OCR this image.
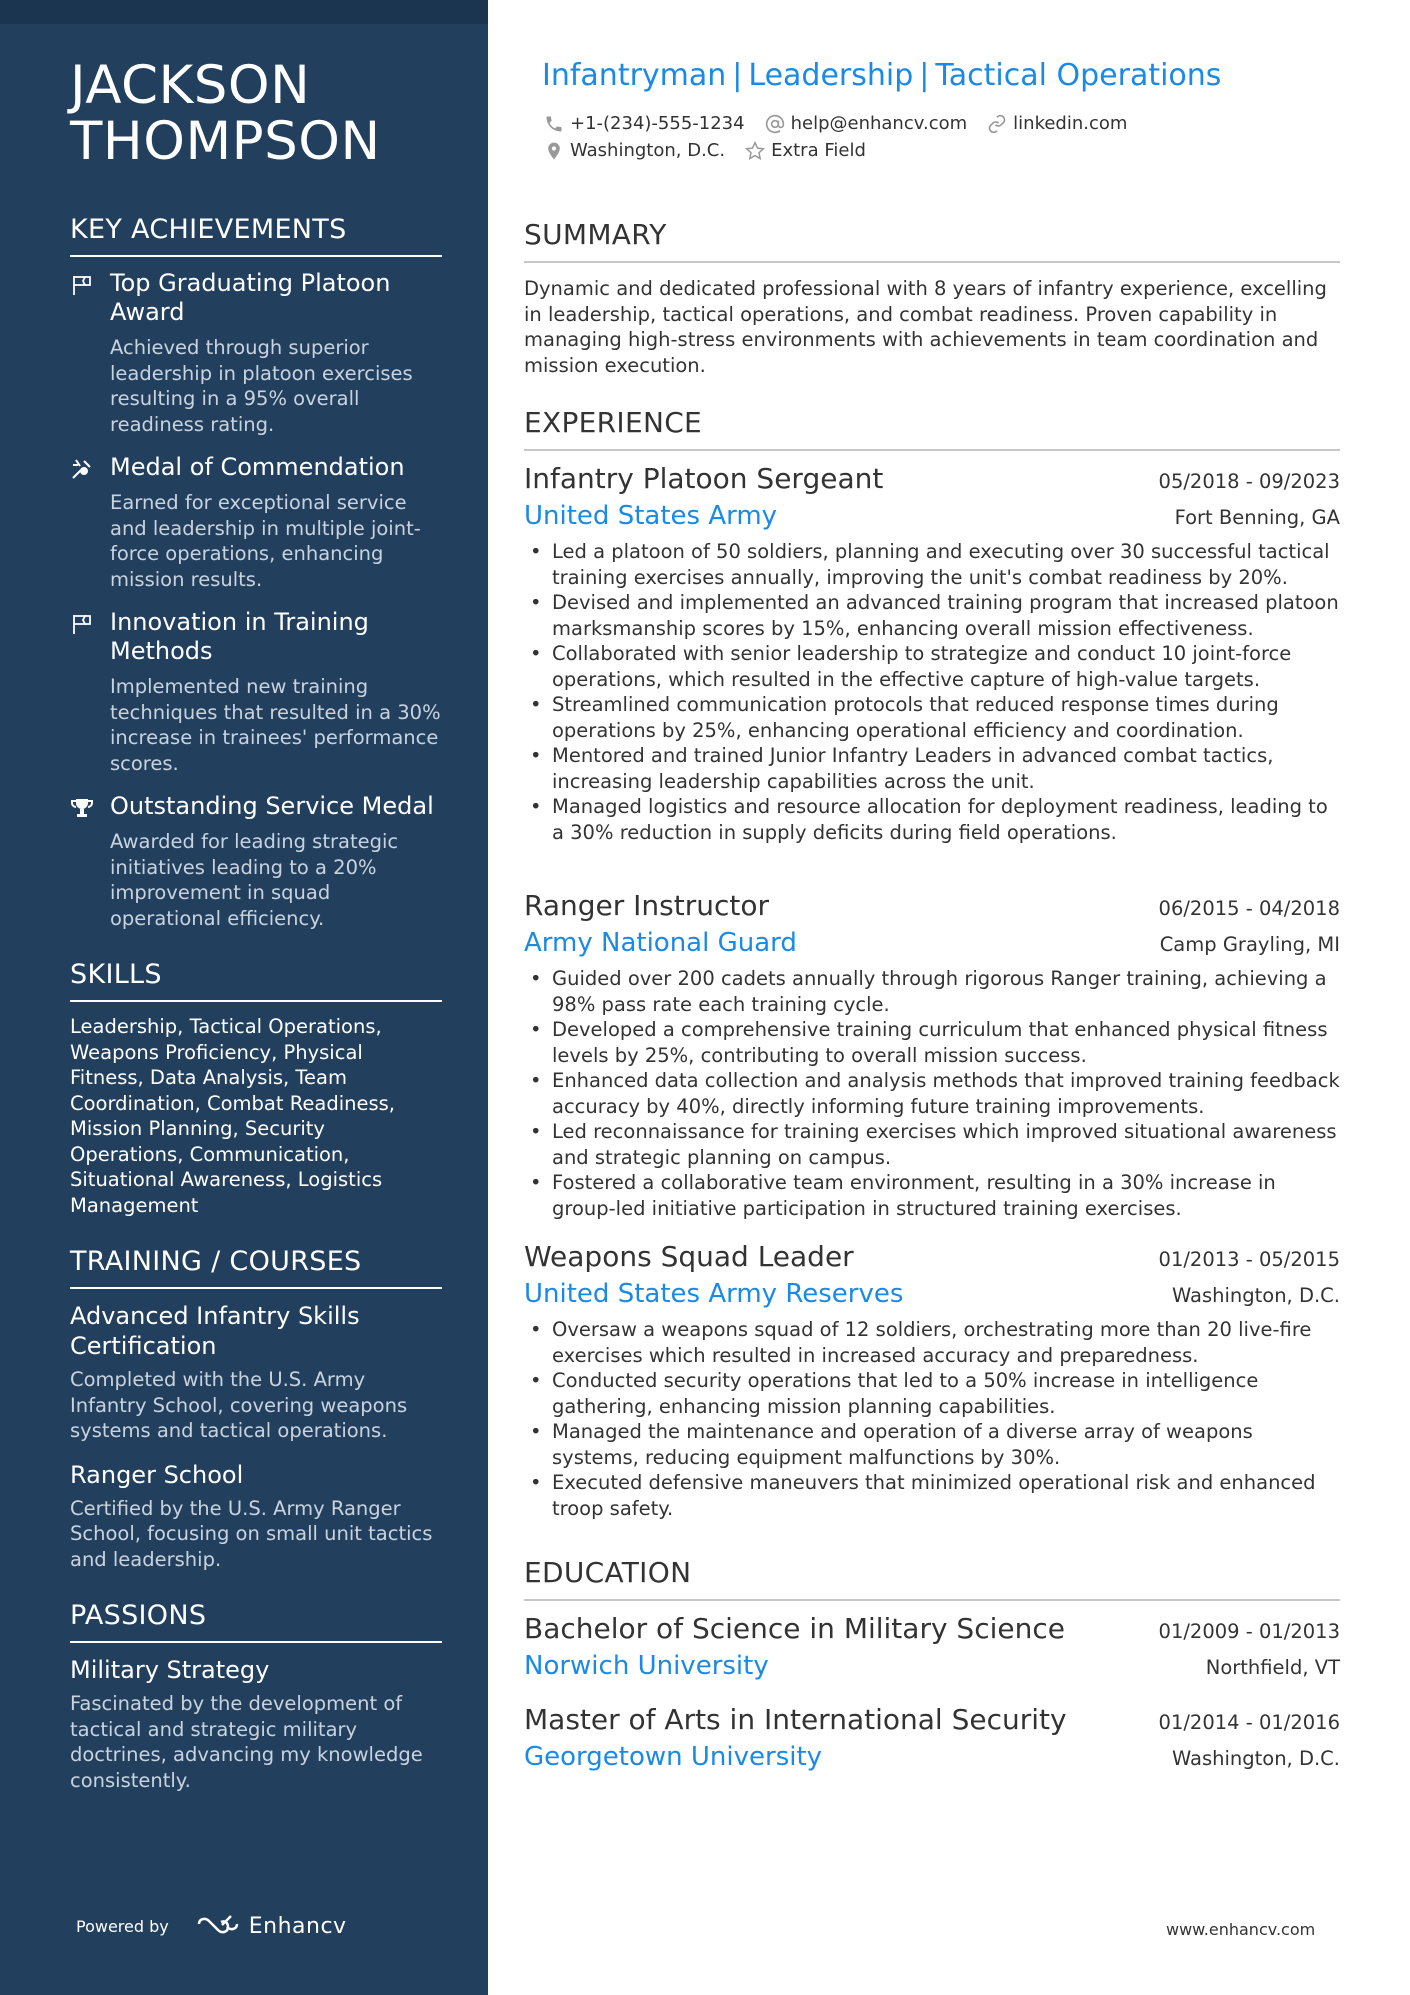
JACKSON
THOMPSON
KEY ACHIEVEMENTS
Top Graduating Platoon Award
Achieved through superior leadership in platoon exercises resulting in a 95% overall readiness rating.
Medal of Commendation
Earned for exceptional service and leadership in multiple joint-force operations, enhancing mission results.
Innovation in Training Methods
Implemented new training techniques that resulted in a 30% increase in trainees' performance scores.
Outstanding Service Medal
Awarded for leading strategic initiatives leading to a 20% improvement in squad operational efficiency.
SKILLS
Leadership, Tactical Operations, Weapons Proficiency, Physical Fitness, Data Analysis, Team Coordination, Combat Readiness, Mission Planning, Security Operations, Communication, Situational Awareness, Logistics Management
TRAINING / COURSES
Advanced Infantry Skills Certification
Completed with the U.S. Army Infantry School, covering weapons systems and tactical operations.
Ranger School
Certified by the U.S. Army Ranger School, focusing on small unit tactics and leadership.
PASSIONS
Military Strategy
Fascinated by the development of tactical and strategic military doctrines, advancing my knowledge consistently.
Powered by	Enhancv
Infantryman | Leadership | Tactical Operations
+1-(234)-555-1234	help@enhancv.com	linkedin.com
Washington, D.C.	Extra Field
SUMMARY
Dynamic and dedicated professional with 8 years of infantry experience, excelling in leadership, tactical operations, and combat readiness. Proven capability in managing high-stress environments with achievements in team coordination and mission execution.
EXPERIENCE
Infantry Platoon Sergeant	05/2018 - 09/2023
United States Army	Fort Benning, GA
• Led a platoon of 50 soldiers, planning and executing over 30 successful tactical training exercises annually, improving the unit's combat readiness by 20%.
• Devised and implemented an advanced training program that increased platoon marksmanship scores by 15%, enhancing overall mission effectiveness.
• Collaborated with senior leadership to strategize and conduct 10 joint-force operations, which resulted in the effective capture of high-value targets.
• Streamlined communication protocols that reduced response times during operations by 25%, enhancing operational efficiency and coordination.
• Mentored and trained Junior Infantry Leaders in advanced combat tactics, increasing leadership capabilities across the unit.
• Managed logistics and resource allocation for deployment readiness, leading to a 30% reduction in supply deficits during field operations.
Ranger Instructor	06/2015 - 04/2018
Army National Guard	Camp Grayling, MI
• Guided over 200 cadets annually through rigorous Ranger training, achieving a 98% pass rate each training cycle.
• Developed a comprehensive training curriculum that enhanced physical fitness levels by 25%, contributing to overall mission success.
• Enhanced data collection and analysis methods that improved training feedback accuracy by 40%, directly informing future training improvements.
• Led reconnaissance for training exercises which improved situational awareness and strategic planning on campus.
• Fostered a collaborative team environment, resulting in a 30% increase in group-led initiative participation in structured training exercises.
Weapons Squad Leader	01/2013 - 05/2015
United States Army Reserves	Washington, D.C.
• Oversaw a weapons squad of 12 soldiers, orchestrating more than 20 live-fire exercises which resulted in increased accuracy and preparedness.
• Conducted security operations that led to a 50% increase in intelligence gathering, enhancing mission planning capabilities.
• Managed the maintenance and operation of a diverse array of weapons systems, reducing equipment malfunctions by 30%.
• Executed defensive maneuvers that minimized operational risk and enhanced troop safety.
EDUCATION
Bachelor of Science in Military Science	01/2009 - 01/2013
Norwich University	Northfield, VT
Master of Arts in International Security	01/2014 - 01/2016
Georgetown University	Washington, D.C.
www.enhancv.com
